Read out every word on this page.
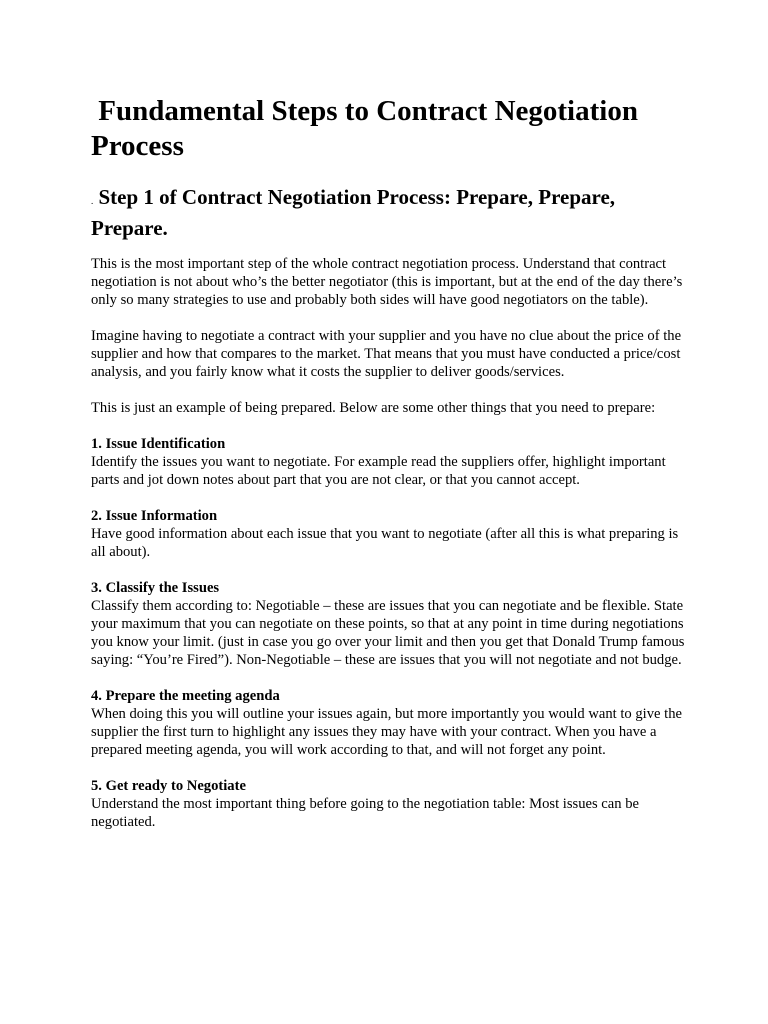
Fundamental Steps to Contract Negotiation Process
. Step 1 of Contract Negotiation Process: Prepare, Prepare, Prepare.

This is the most important step of the whole contract negotiation process. Understand that contract negotiation is not about who’s the better negotiator (this is important, but at the end of the day there’s only so many strategies to use and probably both sides will have good negotiators on the table).

Imagine having to negotiate a contract with your supplier and you have no clue about the price of the supplier and how that compares to the market. That means that you must have conducted a price/cost analysis, and you fairly know what it costs the supplier to deliver goods/services.

This is just an example of being prepared. Below are some other things that you need to prepare:

1. Issue Identification

Identify the issues you want to negotiate. For example read the suppliers offer, highlight important parts and jot down notes about part that you are not clear, or that you cannot accept.

2. Issue Information

Have good information about each issue that you want to negotiate (after all this is what preparing is all about).

3. Classify the Issues

Classify them according to: Negotiable – these are issues that you can negotiate and be flexible. State your maximum that you can negotiate on these points, so that at any point in time during negotiations you know your limit. (just in case you go over your limit and then you get that Donald Trump famous saying: “You’re Fired”). Non-Negotiable – these are issues that you will not negotiate and not budge.

4. Prepare the meeting agenda

When doing this you will outline your issues again, but more importantly you would want to give the supplier the first turn to highlight any issues they may have with your contract. When you have a prepared meeting agenda, you will work according to that, and will not forget any point.

5. Get ready to Negotiate

Understand the most important thing before going to the negotiation table: Most issues can be negotiated.
